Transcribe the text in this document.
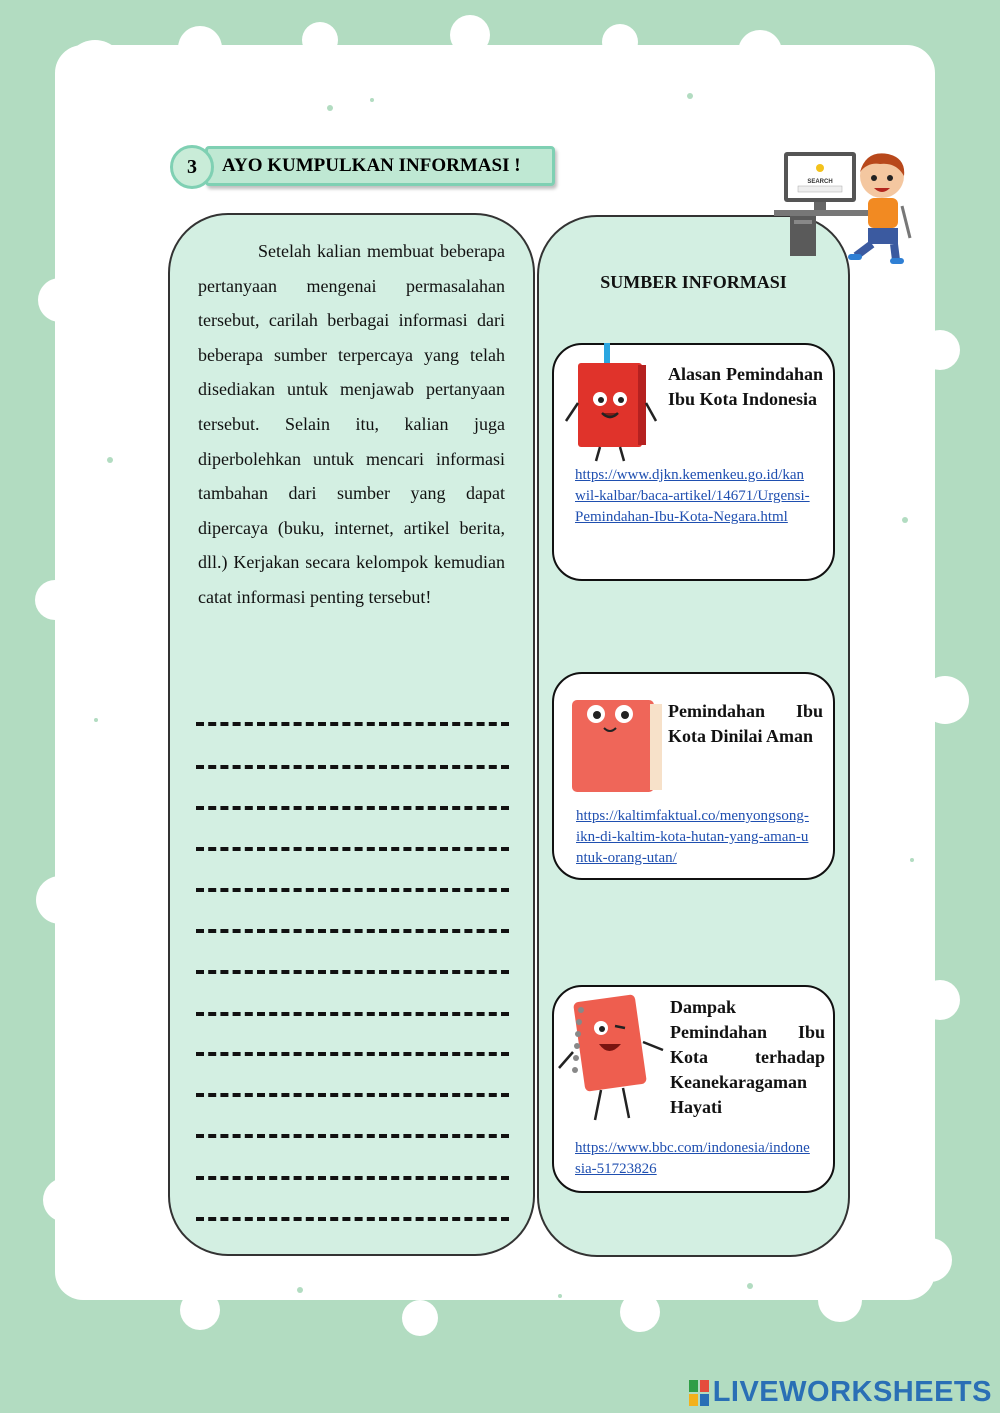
3	AYO KUMPULKAN INFORMASI !

Setelah kalian membuat beberapa pertanyaan mengenai permasalahan tersebut, carilah berbagai informasi dari beberapa sumber terpercaya yang telah disediakan untuk menjawab pertanyaan tersebut. Selain itu, kalian juga diperbolehkan untuk mencari informasi tambahan dari sumber yang dapat dipercaya (buku, internet, artikel berita, dll.) Kerjakan secara kelompok kemudian catat informasi penting tersebut!

SUMBER INFORMASI

Alasan Pemindahan Ibu Kota Indonesia

https://www.djkn.kemenkeu.go.id/kanwil-kalbar/baca-artikel/14671/Urgensi-Pemindahan-Ibu-Kota-Negara.html

Pemindahan Ibu Kota Dinilai Aman

https://kaltimfaktual.co/menyongsong-ikn-di-kaltim-kota-hutan-yang-aman-untuk-orang-utan/

Dampak Pemindahan Ibu Kota terhadap Keanekaragaman Hayati

https://www.bbc.com/indonesia/indonesia-51723826

SEARCH
LIVEWORKSHEETS
